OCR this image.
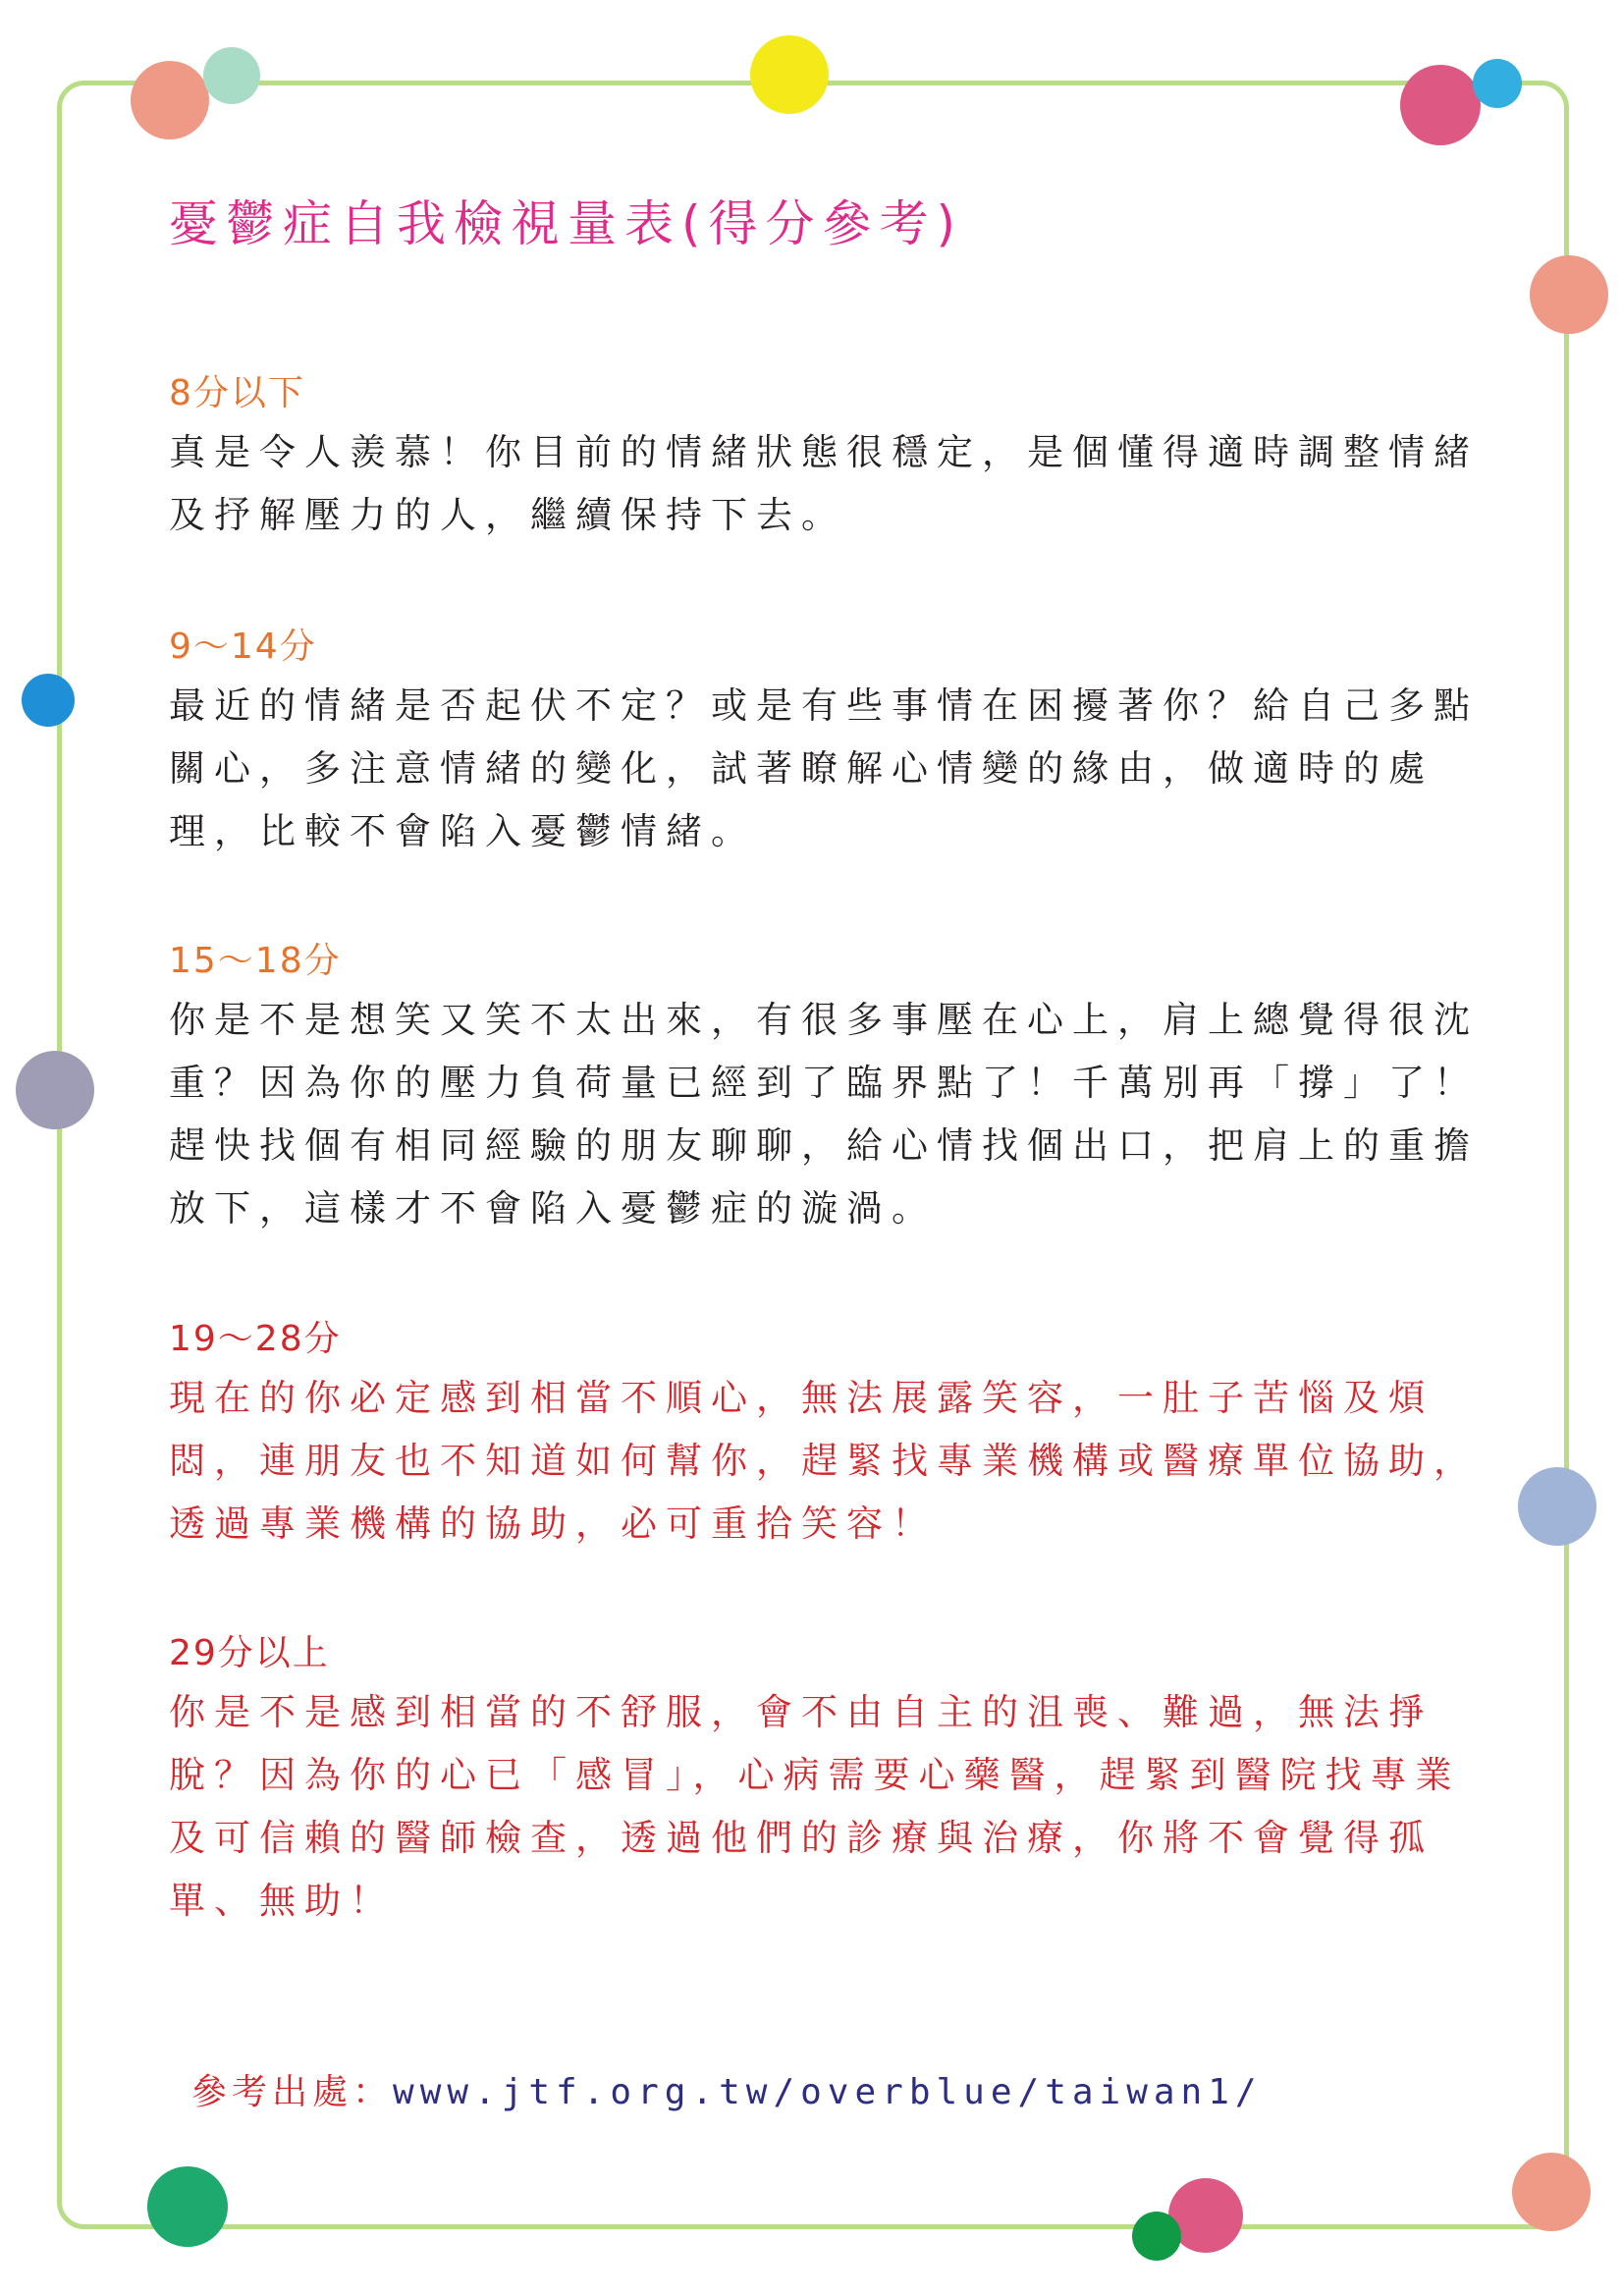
憂鬱症自我檢視量表(得分參考)

8分以下

真是令人羨慕！你目前的情緒狀態很穩定，是個懂得適時調整情緒及抒解壓力的人，繼續保持下去。

9～14分

最近的情緒是否起伏不定？或是有些事情在困擾著你？給自己多點關心，多注意情緒的變化，試著瞭解心情變的緣由，做適時的處理，比較不會陷入憂鬱情緒。

15～18分

你是不是想笑又笑不太出來，有很多事壓在心上，肩上總覺得很沈重？因為你的壓力負荷量已經到了臨界點了！千萬別再「撐」了！趕快找個有相同經驗的朋友聊聊，給心情找個出口，把肩上的重擔放下，這樣才不會陷入憂鬱症的漩渦。

19～28分

現在的你必定感到相當不順心，無法展露笑容，一肚子苦惱及煩悶，連朋友也不知道如何幫你，趕緊找專業機構或醫療單位協助，透過專業機構的協助，必可重拾笑容！

29分以上

你是不是感到相當的不舒服，會不由自主的沮喪、難過，無法掙脫？因為你的心已「感冒」，心病需要心藥醫，趕緊到醫院找專業及可信賴的醫師檢查，透過他們的診療與治療，你將不會覺得孤單、無助！

參考出處：www.jtf.org.tw/overblue/taiwan1/
